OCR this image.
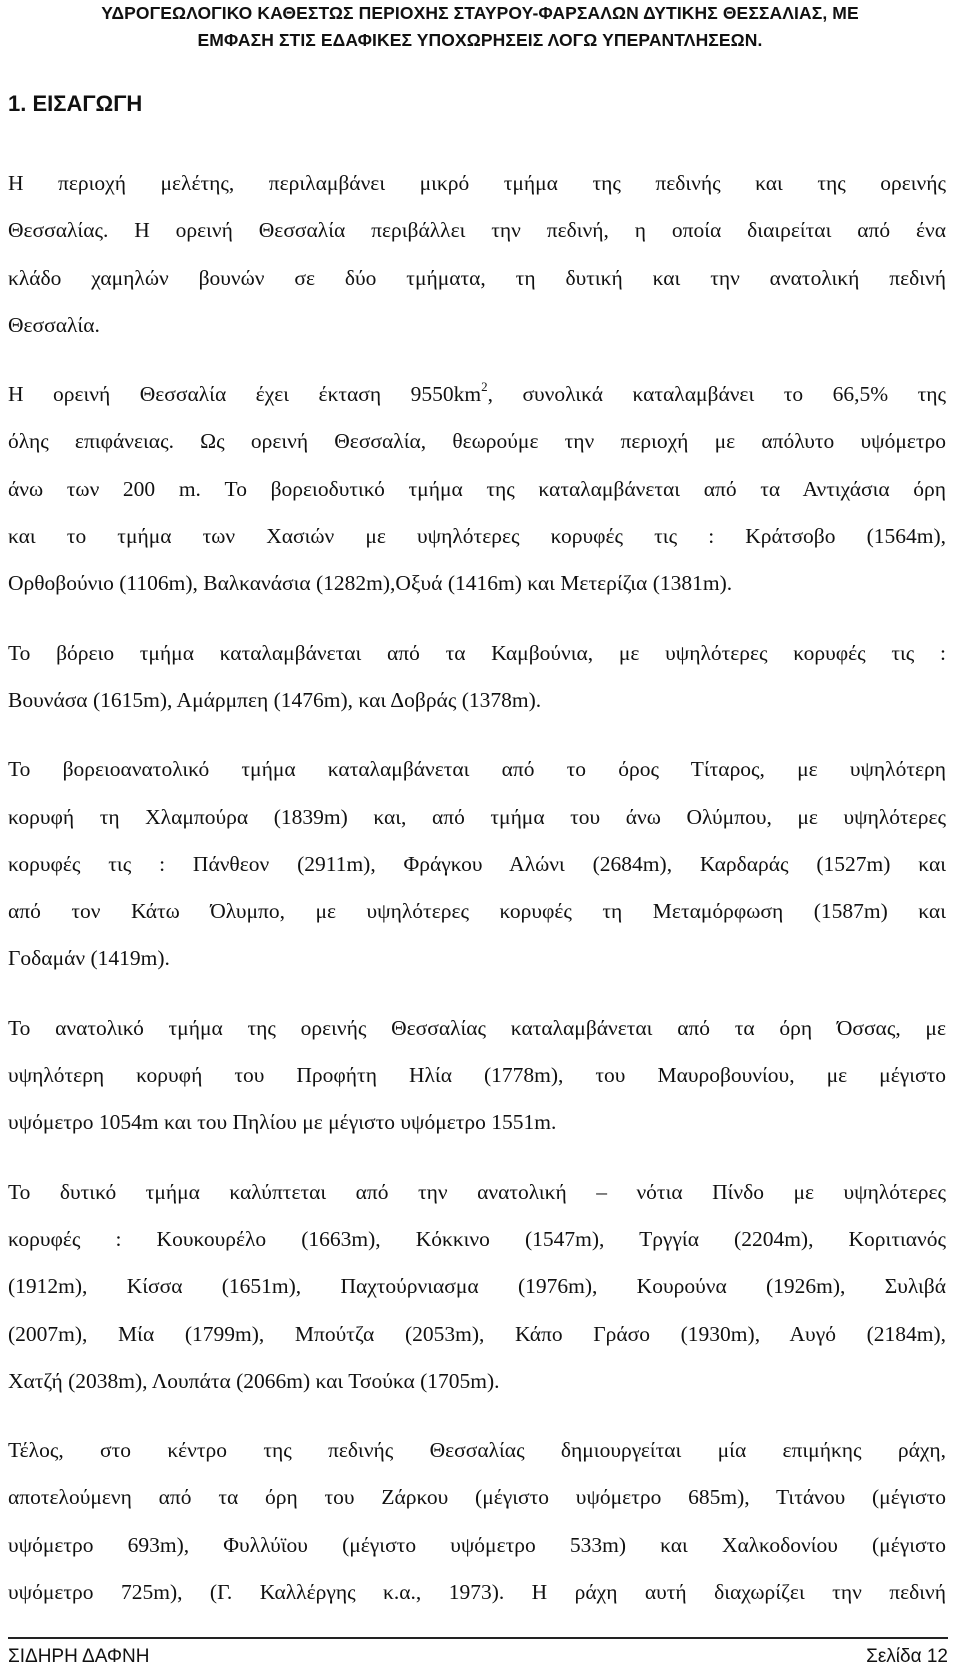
ΥΔΡΟΓΕΩΛΟΓΙΚΟ ΚΑΘΕΣΤΩΣ ΠΕΡΙΟΧΗΣ ΣΤΑΥΡΟΥ-ΦΑΡΣΑΛΩΝ ΔΥΤΙΚΗΣ ΘΕΣΣΑΛΙΑΣ, ΜΕ
ΕΜΦΑΣΗ ΣΤΙΣ ΕΔΑΦΙΚΕΣ ΥΠΟΧΩΡΗΣΕΙΣ ΛΟΓΩ ΥΠΕΡΑΝΤΛΗΣΕΩΝ.
1. ΕΙΣΑΓΩΓΗ
Η περιοχή μελέτης, περιλαμβάνει μικρό τμήμα της πεδινής και της ορεινής
Θεσσαλίας. Η ορεινή Θεσσαλία περιβάλλει την πεδινή, η οποία διαιρείται από ένα
κλάδο χαμηλών βουνών σε δύο τμήματα, τη δυτική και την ανατολική πεδινή
Θεσσαλία.
Η ορεινή Θεσσαλία έχει έκταση $9550km^2$, συνολικά καταλαμβάνει το 66,5% της
όλης επιφάνειας. Ως ορεινή Θεσσαλία, θεωρούμε την περιοχή με απόλυτο υψόμετρο
άνω των 200 m. Το βορειοδυτικό τμήμα της καταλαμβάνεται από τα Αντιχάσια όρη
και το τμήμα των Χασιών με υψηλότερες κορυφές τις : Κράτσοβο (1564m),
Ορθοβούνιο (1106m), Βαλκανάσια (1282m),Οξυά (1416m) και Μετερίζια (1381m).
Το βόρειο τμήμα καταλαμβάνεται από τα Καμβούνια, με υψηλότερες κορυφές τις :
Βουνάσα (1615m), Αμάρμπεη (1476m), και Δοβράς (1378m).
Το βορειοανατολικό τμήμα καταλαμβάνεται από το όρος Τίταρος, με υψηλότερη
κορυφή τη Χλαμπούρα (1839m) και, από τμήμα του άνω Ολύμπου, με υψηλότερες
κορυφές τις : Πάνθεον (2911m), Φράγκου Αλώνι (2684m), Καρδαράς (1527m) και
από τον Κάτω Όλυμπο, με υψηλότερες κορυφές τη Μεταμόρφωση (1587m) και
Γοδαμάν (1419m).
Το ανατολικό τμήμα της ορεινής Θεσσαλίας καταλαμβάνεται από τα όρη Όσσας, με
υψηλότερη κορυφή του Προφήτη Ηλία (1778m), του Μαυροβουνίου, με μέγιστο
υψόμετρο 1054m και του Πηλίου με μέγιστο υψόμετρο 1551m.
Το δυτικό τμήμα καλύπτεται από την ανατολική – νότια Πίνδο με υψηλότερες
κορυφές : Κουκουρέλο (1663m), Κόκκινο (1547m), Τργγία (2204m), Κοριτιανός
(1912m), Κίσσα (1651m), Παχτούρνιασμα (1976m), Κουρούνα (1926m), Συλιβά
(2007m), Μία (1799m), Μπούτζα (2053m), Κάπο Γράσο (1930m), Αυγό (2184m),
Χατζή (2038m), Λουπάτα (2066m) και Τσούκα (1705m).
Τέλος, στο κέντρο της πεδινής Θεσσαλίας δημιουργείται μία επιμήκης ράχη,
αποτελούμενη από τα όρη του Ζάρκου (μέγιστο υψόμετρο 685m), Τιτάνου (μέγιστο
υψόμετρο 693m), Φυλλύϊου (μέγιστο υψόμετρο 533m) και Χαλκοδονίου (μέγιστο
υψόμετρο 725m), (Γ. Καλλέργης κ.α., 1973). Η ράχη αυτή διαχωρίζει την πεδινή
ΣΙΔΗΡΗ ΔΑΦΝΗ	Σελίδα 12
